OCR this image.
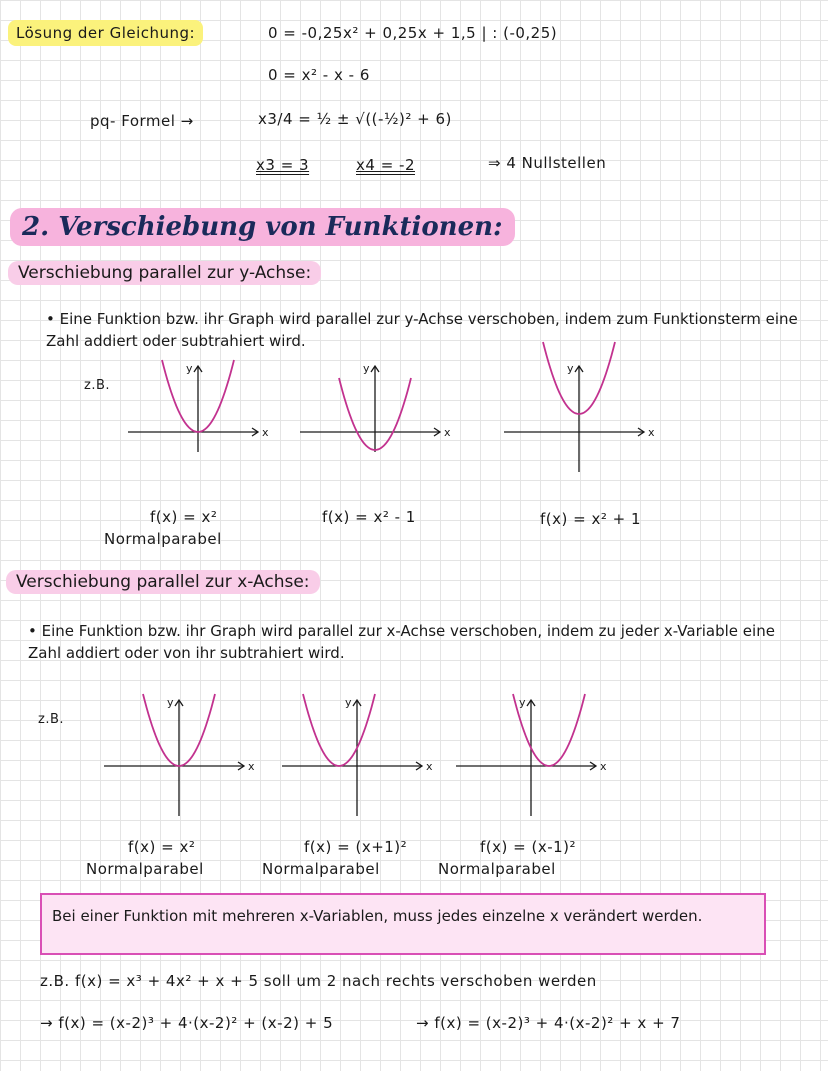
Lösung der Gleichung:	0 = -0,25x² + 0,25x + 1,5 | : (-0,25)
0 = x² - x - 6
pq- Formel →	x3/4 = ½ ± √((-½)² + 6)
x3 = 3	x4 = -2	⇒ 4 Nullstellen
2. Verschiebung von Funktionen:
Verschiebung parallel zur y-Achse:
• Eine Funktion bzw. ihr Graph wird parallel zur y-Achse verschoben, indem zum Funktionsterm eine Zahl addiert oder subtrahiert wird.
z.B.
x
y
x
y
x
y
f(x) = x²
Normalparabel
f(x) = x² - 1	f(x) = x² + 1
Verschiebung parallel zur x-Achse:
• Eine Funktion bzw. ihr Graph wird parallel zur x-Achse verschoben, indem zu jeder x-Variable eine Zahl addiert oder von ihr subtrahiert wird.
z.B.
x
y
x
y
x
y
f(x) = x²
Normalparabel
f(x) = (x+1)²
Normalparabel
f(x) = (x-1)²
Normalparabel
Bei einer Funktion mit mehreren x-Variablen, muss jedes einzelne x verändert werden.
z.B. f(x) = x³ + 4x² + x + 5 soll um 2 nach rechts verschoben werden
→ f(x) = (x-2)³ + 4·(x-2)² + (x-2) + 5	→ f(x) = (x-2)³ + 4·(x-2)² + x + 7
